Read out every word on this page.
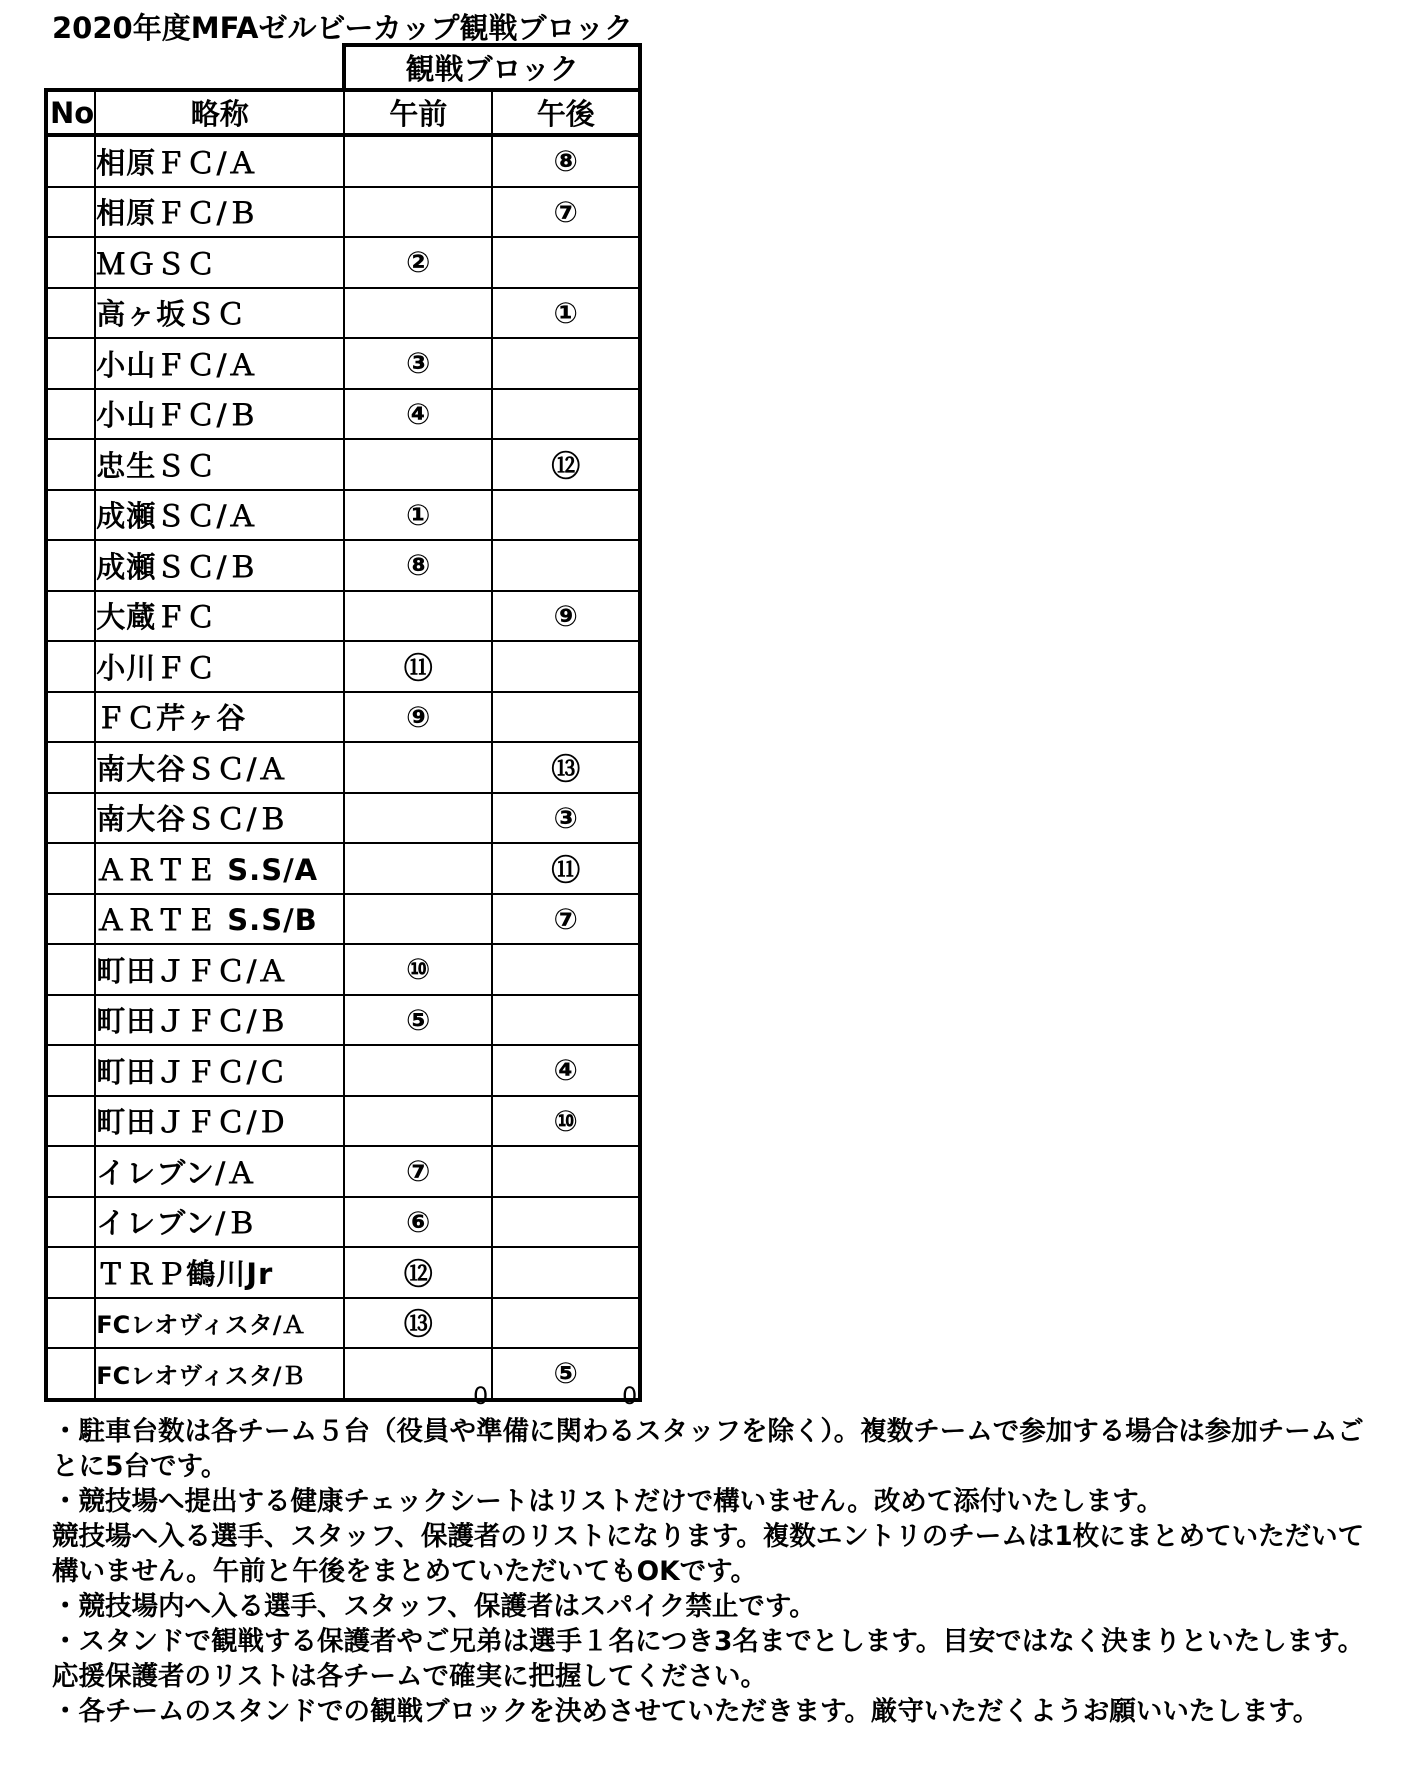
2020年度MFAゼルビーカップ観戦ブロック
		観戦ブロック	
No	略称	午前	午後
	相原ＦＣ/Ａ		⑧
	相原ＦＣ/Ｂ		⑦
	ＭＧＳＣ	②	
	高ヶ坂ＳＣ		①
	小山ＦＣ/Ａ	③	
	小山ＦＣ/Ｂ	④	
	忠生ＳＣ		⑫
	成瀬ＳＣ/Ａ	①	
	成瀬ＳＣ/Ｂ	⑧	
	大蔵ＦＣ		⑨
	小川ＦＣ	⑪	
	ＦＣ芹ヶ谷	⑨	
	南大谷ＳＣ/Ａ		⑬
	南大谷ＳＣ/Ｂ		③
	ＡＲＴＥ S.S/A		⑪
	ＡＲＴＥ S.S/B		⑦
	町田ＪＦＣ/Ａ	⑩	
	町田ＪＦＣ/Ｂ	⑤	
	町田ＪＦＣ/Ｃ		④
	町田ＪＦＣ/Ｄ		⑩
	イレブン/Ａ	⑦	
	イレブン/Ｂ	⑥	
	ＴＲＰ鶴川Jr	⑫	
	FCレオヴィスタ/Ａ	⑬	
	FCレオヴィスタ/Ｂ		⑤
0	0

・駐車台数は各チーム５台（役員や準備に関わるスタッフを除く）。複数チームで参加する場合は参加チームごとに5台です。

・競技場へ提出する健康チェックシートはリストだけで構いません。改めて添付いたします。

競技場へ入る選手、スタッフ、保護者のリストになります。複数エントリのチームは1枚にまとめていただいて構いません。午前と午後をまとめていただいてもOKです。

・競技場内へ入る選手、スタッフ、保護者はスパイク禁止です。

・スタンドで観戦する保護者やご兄弟は選手１名につき3名までとします。目安ではなく決まりといたします。応援保護者のリストは各チームで確実に把握してください。

・各チームのスタンドでの観戦ブロックを決めさせていただきます。厳守いただくようお願いいたします。
